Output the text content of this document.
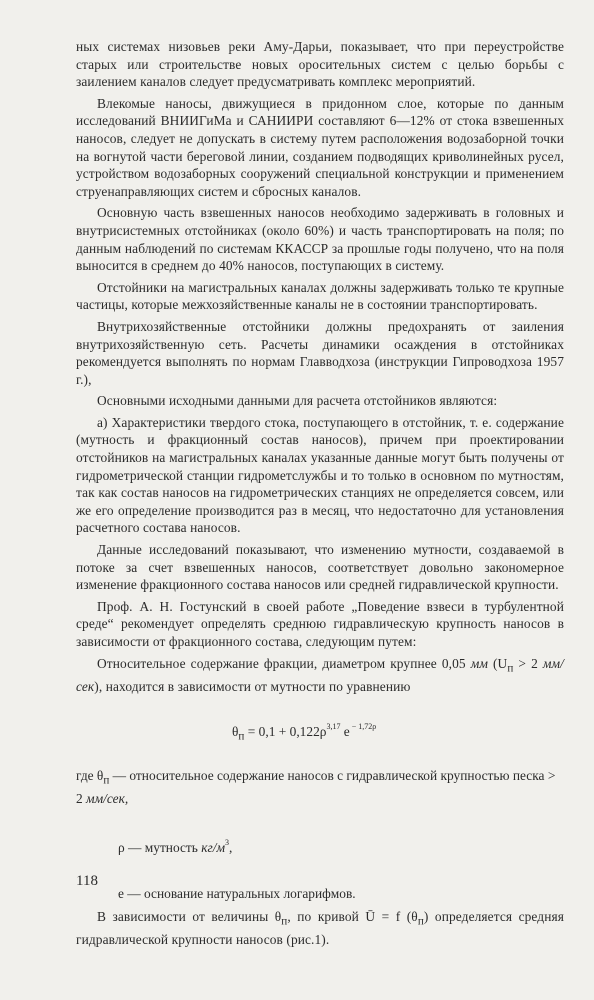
ных системах низовьев реки Аму-Дарьи, показывает, что при переустройстве старых или строительстве новых оросительных систем с целью борьбы с заилением каналов следует предусматривать комплекс мероприятий.

Влекомые наносы, движущиеся в придонном слое, которые по данным исследований ВНИИГиМа и САНИИРИ составляют 6—12% от стока взвешенных наносов, следует не допускать в систему путем расположения водозаборной точки на вогнутой части береговой линии, созданием подводящих криволинейных русел, устройством водозаборных сооружений специальной конструкции и применением струенаправляющих систем и сбросных каналов.

Основную часть взвешенных наносов необходимо задерживать в головных и внутрисистемных отстойниках (около 60%) и часть транспортировать на поля; по данным наблюдений по системам ККАССР за прошлые годы получено, что на поля выносится в среднем до 40% наносов, поступающих в систему.

Отстойники на магистральных каналах должны задерживать только те крупные частицы, которые межхозяйственные каналы не в состоянии транспортировать.

Внутрихозяйственные отстойники должны предохранять от заиления внутрихозяйственную сеть. Расчеты динамики осаждения в отстойниках рекомендуется выполнять по нормам Главводхоза (инструкции Гипроводхоза 1957 г.),

Основными исходными данными для расчета отстойников являются:

а) Характеристики твердого стока, поступающего в отстойник, т. е. содержание (мутность и фракционный состав наносов), причем при проектировании отстойников на магистральных каналах указанные данные могут быть получены от гидрометрической станции гидрометслужбы и то только в основном по мутностям, так как состав наносов на гидрометрических станциях не определяется совсем, или же его определение производится раз в месяц, что недостаточно для установления расчетного состава наносов.

Данные исследований показывают, что изменению мутности, создаваемой в потоке за счет взвешенных наносов, соответствует довольно закономерное изменение фракционного состава наносов или средней гидравлической крупности.

Проф. А. Н. Гостунский в своей работе „Поведение взвеси в турбулентной среде“ рекомендует определять среднюю гидравлическую крупность наносов в зависимости от фракционного состава, следующим путем:

Относительное содержание фракции, диаметром крупнее 0,05 мм ($U_п > 2$ мм/сек), находится в зависимости от мутности по уравнению

$\theta_п = 0,1 + 0,122\rho^{3,17}$ e $^{- 1,72\rho}$
где $\theta_п$ — относительное содержание наносов с гидравлической крупностью песка > 2 мм/сек,
ρ — мутность $кг/м^3$,
е — основание натуральных логарифмов.

В зависимости от величины $\theta_п$, по кривой Ū = f $(\theta_п)$ определяется средняя гидравлической крупности наносов (рис.1).

118
